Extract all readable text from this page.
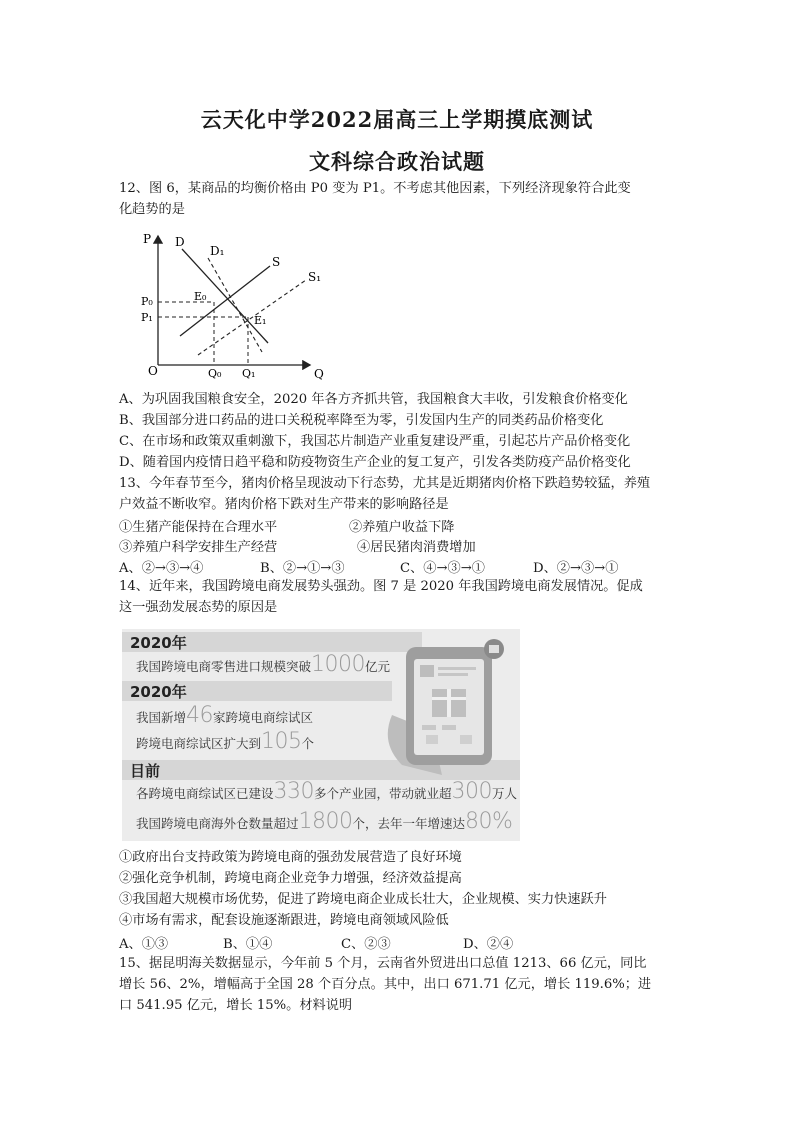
云天化中学2022届高三上学期摸底测试
文科综合政治试题
12、图 6，某商品的均衡价格由 P0 变为 P1。不考虑其他因素，下列经济现象符合此变
化趋势的是
P
Q
O
D
D₁
S
S₁
E₀
E₁
P₀
P₁
Q₀ Q₁
A、为巩固我国粮食安全，2020 年各方齐抓共管，我国粮食大丰收，引发粮食价格变化
B、我国部分进口药品的进口关税税率降至为零，引发国内生产的同类药品价格变化
C、在市场和政策双重刺激下，我国芯片制造产业重复建设严重，引起芯片产品价格变化
D、随着国内疫情日趋平稳和防疫物资生产企业的复工复产，引发各类防疫产品价格变化
13、今年春节至今，猪肉价格呈现波动下行态势，尤其是近期猪肉价格下跌趋势较猛，养殖
户效益不断收窄。猪肉价格下跌对生产带来的影响路径是
①生猪产能保持在合理水平	②养殖户收益下降
③养殖户科学安排生产经营	④居民猪肉消费增加
A、②→③→④	B、②→①→③	C、④→③→①	D、②→③→①
14、近年来，我国跨境电商发展势头强劲。图 7 是 2020 年我国跨境电商发展情况。促成
这一强劲发展态势的原因是
2020年
我国跨境电商零售进口规模突破1000亿元
2020年
我国新增46家跨境电商综试区
跨境电商综试区扩大到105个
目前
各跨境电商综试区已建设330多个产业园，带动就业超300万人
我国跨境电商海外仓数量超过1800个，去年一年增速达80%
①政府出台支持政策为跨境电商的强劲发展营造了良好环境
②强化竞争机制，跨境电商企业竞争力增强，经济效益提高
③我国超大规模市场优势，促进了跨境电商企业成长壮大，企业规模、实力快速跃升
④市场有需求，配套设施逐渐跟进，跨境电商领域风险低
A、①③	B、①④	C、②③	D、②④
15、据昆明海关数据显示，今年前 5 个月，云南省外贸进出口总值 1213、66 亿元，同比
增长 56、2%，增幅高于全国 28 个百分点。其中，出口 671.71 亿元，增长 119.6%；进
口 541.95 亿元，增长 15%。材料说明
